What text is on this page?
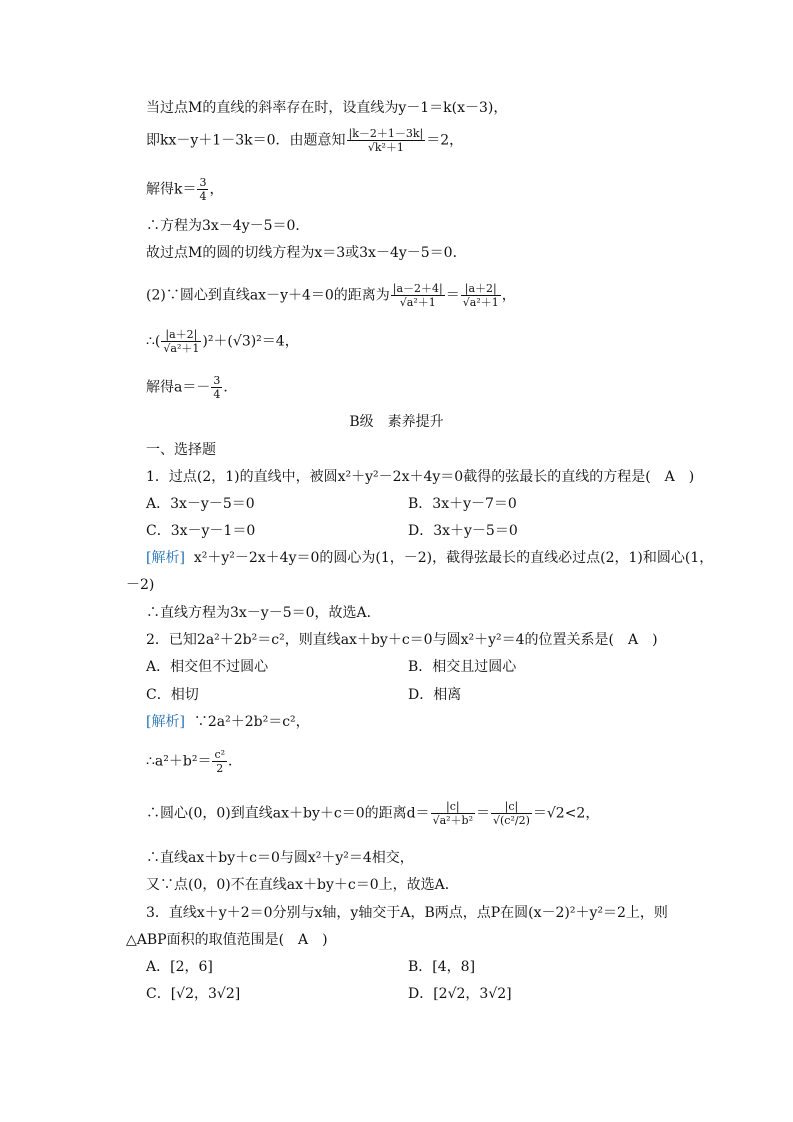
当过点M的直线的斜率存在时，设直线为y－1＝k(x－3)，
即kx－y＋1－3k＝0．由题意知 $\frac{|k-2+1-3k|}{\text{√k²＋1}} =2$，
解得$k= \frac{3}{4}$ ，
∴方程为3x－4y－5＝0．
故过点M的圆的切线方程为x＝3或3x－4y－5＝0．
(2)∵圆心到直线ax－y＋4＝0的距离为 $\frac{|a-2+4|}{\text{√a²＋1}} = \frac{|a+2|}{\text{√a²＋1}}$ ，
∴( $\frac{|a+2|}{\text{√a²＋1}} )^2+(√3)^2=4$，
解得$a=- \frac{3}{4}$ ．
B级　素养提升
一、选择题
1．过点(2，1)的直线中，被圆x²＋y²－2x＋4y＝0截得的弦最长的直线的方程是(　A　)
A．3x－y－5＝0	B．3x＋y－7＝0
C．3x－y－1＝0	D．3x＋y－5＝0
[解析] x²＋y²－2x＋4y＝0的圆心为(1，－2)，截得弦最长的直线必过点(2，1)和圆心(1，
－2)
∴直线方程为3x－y－5＝0，故选A．
2．已知2a²＋2b²＝c²，则直线ax＋by＋c＝0与圆x²＋y²＝4的位置关系是(　A　)
A．相交但不过圆心	B．相交且过圆心
C．相切	D．相离
[解析] ∵2a²＋2b²＝c²，
∴a²＋b²＝ $\frac{\text{c²}}{2}$ ．
∴圆心(0，0)到直线ax＋by＋c＝0的距离$d= \frac{|c|}{\text{√a²＋b²}} = \frac{|c|}{\text{√(c²/2)}} =√2<2$，
∴直线ax＋by＋c＝0与圆x²＋y²＝4相交，
又∵点(0，0)不在直线ax＋by＋c＝0上，故选A．
3．直线x＋y＋2＝0分别与x轴，y轴交于A，B两点，点P在圆(x－2)²＋y²＝2上，则
△ABP面积的取值范围是(　A　)
A．[2，6]	B．[4，8]
C．[√2，3√2]	D．[2√2，3√2]
